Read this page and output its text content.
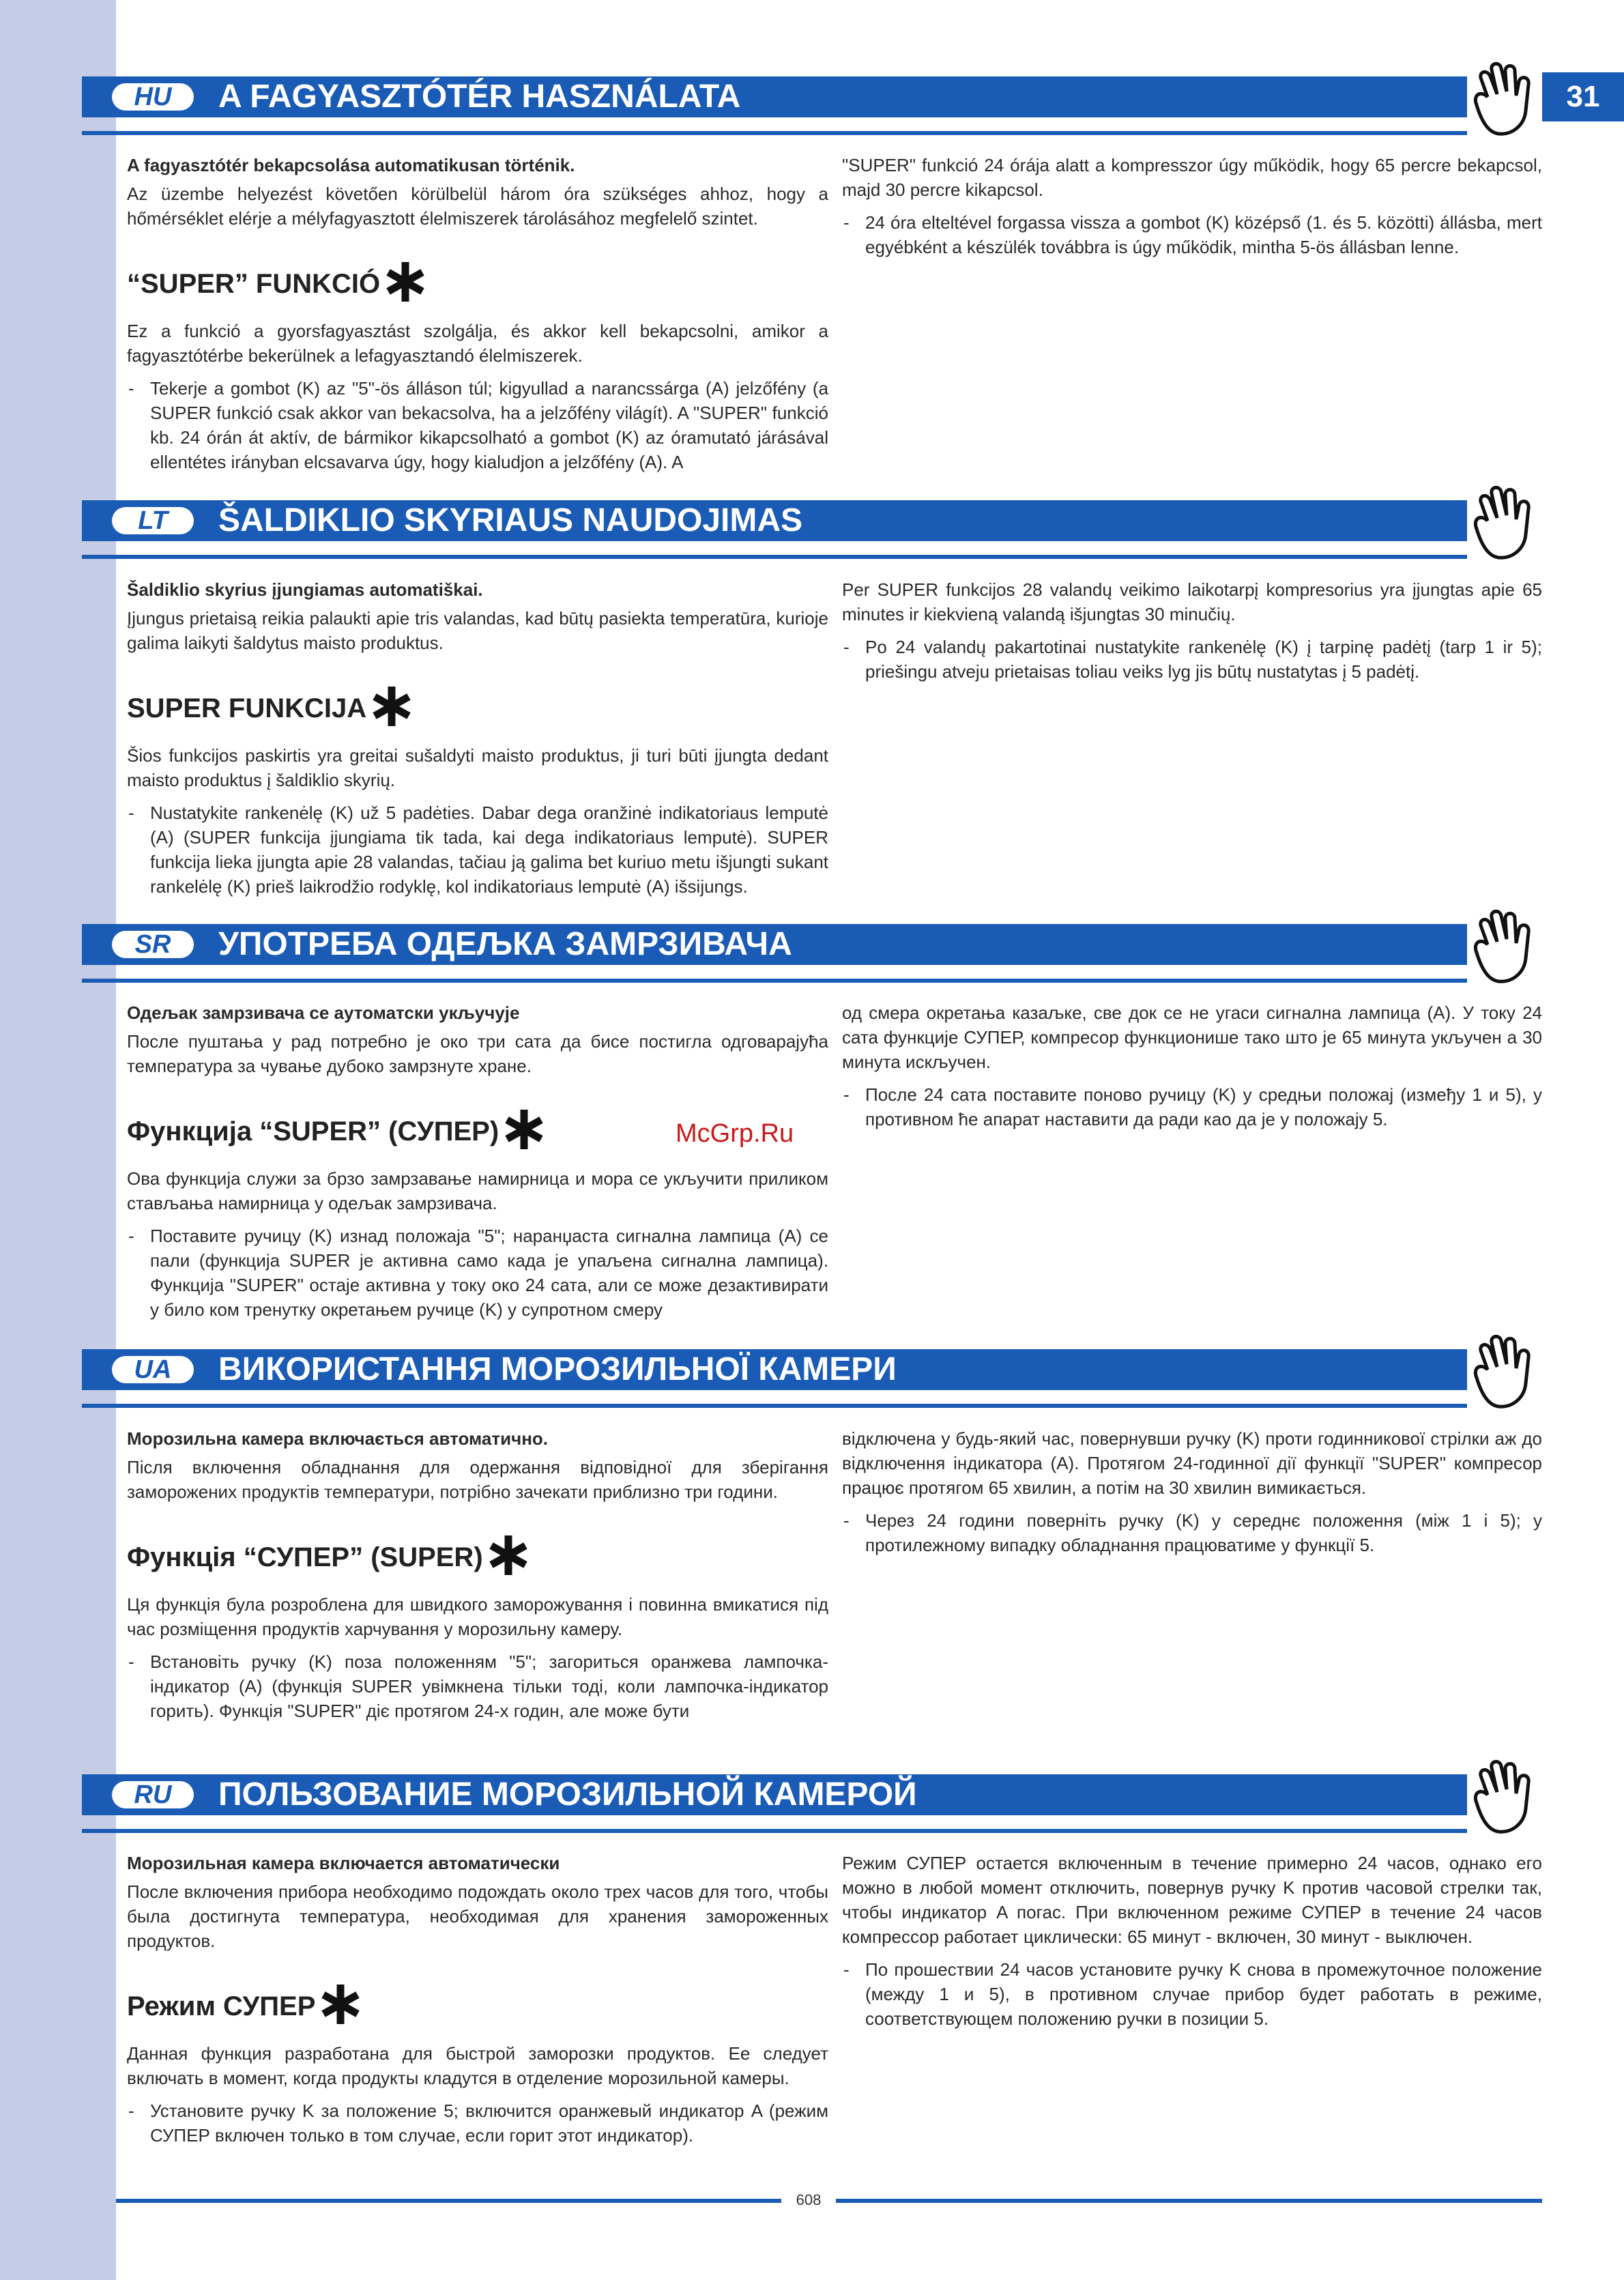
HU	A FAGYASZTÓTÉR HASZNÁLATA	31

A fagyasztótér bekapcsolása automatikusan történik.

Az üzembe helyezést követően körülbelül három óra szükséges ahhoz, hogy a hőmérséklet elérje a mélyfagyasztott élelmiszerek tárolásához megfelelő szintet.

“SUPER” FUNKCIÓ

Ez a funkció a gyorsfagyasztást szolgálja, és akkor kell bekapcsolni, amikor a fagyasztótérbe bekerülnek a lefagyasztandó élelmiszerek.

- Tekerje a gombot (K) az "5"-ös álláson túl; kigyullad a narancssárga (A) jelzőfény (a SUPER funkció csak akkor van bekacsolva, ha a jelzőfény világít). A "SUPER" funkció kb. 24 órán át aktív, de bármikor kikapcsolható a gombot (K) az óramutató járásával ellentétes irányban elcsavarva úgy, hogy kialudjon a jelzőfény (A). A

"SUPER" funkció 24 órája alatt a kompresszor úgy működik, hogy 65 percre bekapcsol, majd 30 percre kikapcsol.

- 24 óra elteltével forgassa vissza a gombot (K) középső (1. és 5. közötti) állásba, mert egyébként a készülék továbbra is úgy működik, mintha 5-ös állásban lenne.
LT	ŠALDIKLIO SKYRIAUS NAUDOJIMAS

Šaldiklio skyrius įjungiamas automatiškai.

Įjungus prietaisą reikia palaukti apie tris valandas, kad būtų pasiekta temperatūra, kurioje galima laikyti šaldytus maisto produktus.

SUPER FUNKCIJA

Šios funkcijos paskirtis yra greitai sušaldyti maisto produktus, ji turi būti įjungta dedant maisto produktus į šaldiklio skyrių.

- Nustatykite rankenėlę (K) už 5 padėties. Dabar dega oranžinė indikatoriaus lemputė (A) (SUPER funkcija įjungiama tik tada, kai dega indikatoriaus lemputė). SUPER funkcija lieka įjungta apie 28 valandas, tačiau ją galima bet kuriuo metu išjungti sukant rankelėlę (K) prieš laikrodžio rodyklę, kol indikatoriaus lemputė (A) išsijungs.

Per SUPER funkcijos 28 valandų veikimo laikotarpį kompresorius yra įjungtas apie 65 minutes ir kiekvieną valandą išjungtas 30 minučių.

- Po 24 valandų pakartotinai nustatykite rankenėlę (K) į tarpinę padėtį (tarp 1 ir 5); priešingu atveju prietaisas toliau veiks lyg jis būtų nustatytas į 5 padėtį.
SR	УПОТРЕБА ОДЕЉКА ЗАМРЗИВАЧА

Одељак замрзивача се аутоматски укључује

После пуштања у рад потребно је око три сата да бисе постигла одговарајућа температура за чување дубоко замрзнуте хране.

Функција “SUPER” (СУПЕР)

Ова функција служи за брзо замрзавање намирница и мора се укључити приликом стављања намирница у одељак замрзивача.

- Поставите ручицу (K) изнад положаја "5"; наранџаста сигнална лампица (A) се пали (функција SUPER је активна само када је упаљена сигнална лампица). Функција "SUPER" остаје активна у току око 24 сата, али се може дезактивирати у било ком тренутку окретањем ручице (K) у супротном смеру

од смера окретања казаљке, све док се не угаси сигнална лампица (A). У току 24 сата функције СУПЕР, компресор функционише тако што је 65 минута укључен а 30 минута искључен.

- После 24 сата поставите поново ручицу (K) у средњи положај (између 1 и 5), у противном ће апарат наставити да ради као да је у положају 5.
McGrp.Ru
UA	ВИКОРИСТАННЯ МОРОЗИЛЬНОЇ КАМЕРИ

Морозильна камера включається автоматично.

Після включення обладнання для одержання відповідної для зберігання заморожених продуктів температури, потрібно зачекати приблизно три години.

Функція “СУПЕР” (SUPER)

Ця функція була розроблена для швидкого заморожування і повинна вмикатися під час розміщення продуктів харчування у морозильну камеру.

- Встановіть ручку (K) поза положенням "5"; загориться оранжева лампочка-індикатор (A) (функція SUPER увімкнена тільки тоді, коли лампочка-індикатор горить). Функція "SUPER" діє протягом 24-х годин, але може бути

відключена у будь-який час, повернувши ручку (K) проти годинникової стрілки аж до відключення індикатора (A). Протягом 24-годинної дії функції "SUPER" компресор працює протягом 65 хвилин, а потім на 30 хвилин вимикається.

- Через 24 години поверніть ручку (K) у середнє положення (між 1 і 5); у протилежному випадку обладнання працюватиме у функції 5.
RU	ПОЛЬЗОВАНИЕ МОРОЗИЛЬНОЙ КАМЕРОЙ

Морозильная камера включается автоматически

После включения прибора необходимо подождать около трех часов для того, чтобы была достигнута температура, необходимая для хранения замороженных продуктов.

Режим СУПЕР

Данная функция разработана для быстрой заморозки продуктов. Ее следует включать в момент, когда продукты кладутся в отделение морозильной камеры.

- Установите ручку K за положение 5; включится оранжевый индикатор A (режим СУПЕР включен только в том случае, если горит этот индикатор).

Режим СУПЕР остается включенным в течение примерно 24 часов, однако его можно в любой момент отключить, повернув ручку K против часовой стрелки так, чтобы индикатор A погас. При включенном режиме СУПЕР в течение 24 часов компрессор работает циклически: 65 минут - включен, 30 минут - выключен.

- По прошествии 24 часов установите ручку K снова в промежуточное положение (между 1 и 5), в противном случае прибор будет работать в режиме, соответствующем положению ручки в позиции 5.
608
